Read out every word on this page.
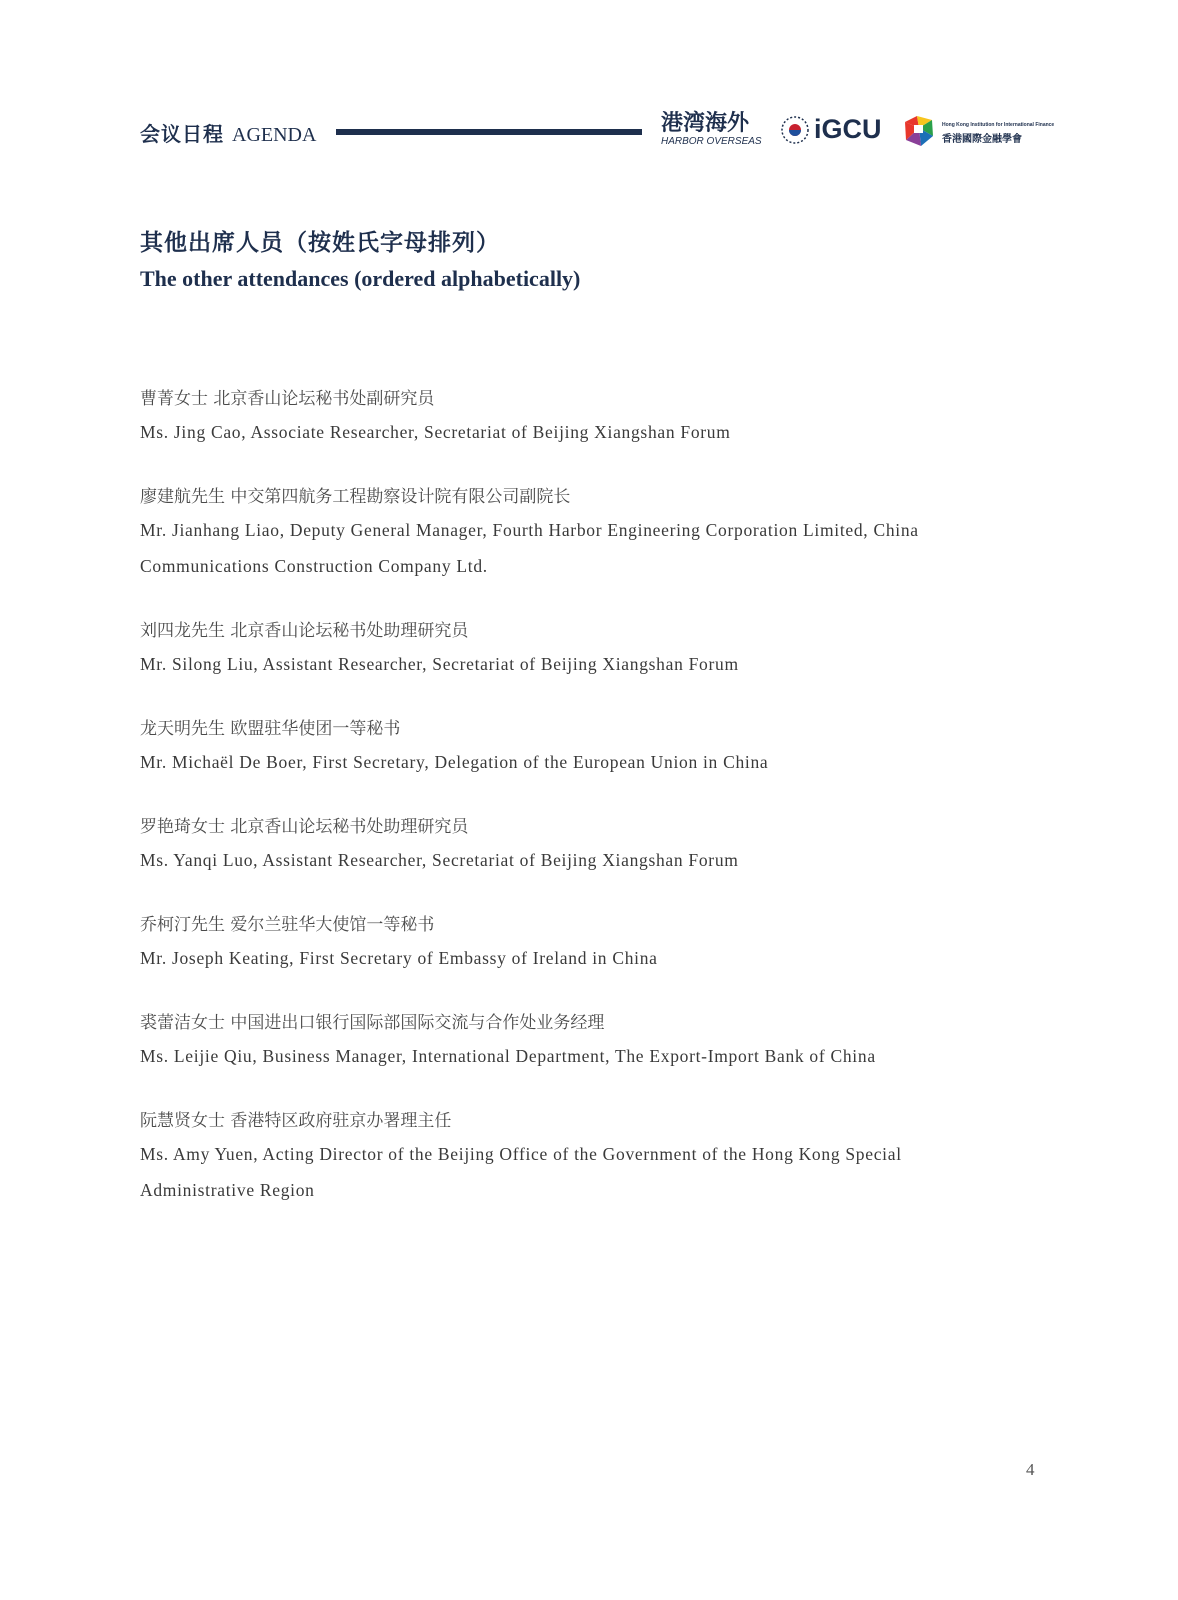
会议日程 AGENDA	港湾海外
HARBOR OVERSEAS iGCU	Hong Kong Institution for International Finance
香港國際金融學會
其他出席人员（按姓氏字母排列）
The other attendances (ordered alphabetically)
曹菁女士 北京香山论坛秘书处副研究员
Ms. Jing Cao, Associate Researcher, Secretariat of Beijing Xiangshan Forum
廖建航先生 中交第四航务工程勘察设计院有限公司副院长
Mr. Jianhang Liao, Deputy General Manager, Fourth Harbor Engineering Corporation Limited, China Communications Construction Company Ltd.
刘四龙先生 北京香山论坛秘书处助理研究员
Mr. Silong Liu, Assistant Researcher, Secretariat of Beijing Xiangshan Forum
龙天明先生 欧盟驻华使团一等秘书
Mr. Michaël De Boer, First Secretary, Delegation of the European Union in China
罗艳琦女士 北京香山论坛秘书处助理研究员
Ms. Yanqi Luo, Assistant Researcher, Secretariat of Beijing Xiangshan Forum
乔柯汀先生 爱尔兰驻华大使馆一等秘书
Mr. Joseph Keating, First Secretary of Embassy of Ireland in China
裘蕾洁女士 中国进出口银行国际部国际交流与合作处业务经理
Ms. Leijie Qiu, Business Manager, International Department, The Export-Import Bank of China
阮慧贤女士 香港特区政府驻京办署理主任
Ms. Amy Yuen, Acting Director of the Beijing Office of the Government of the Hong Kong Special Administrative Region
4
